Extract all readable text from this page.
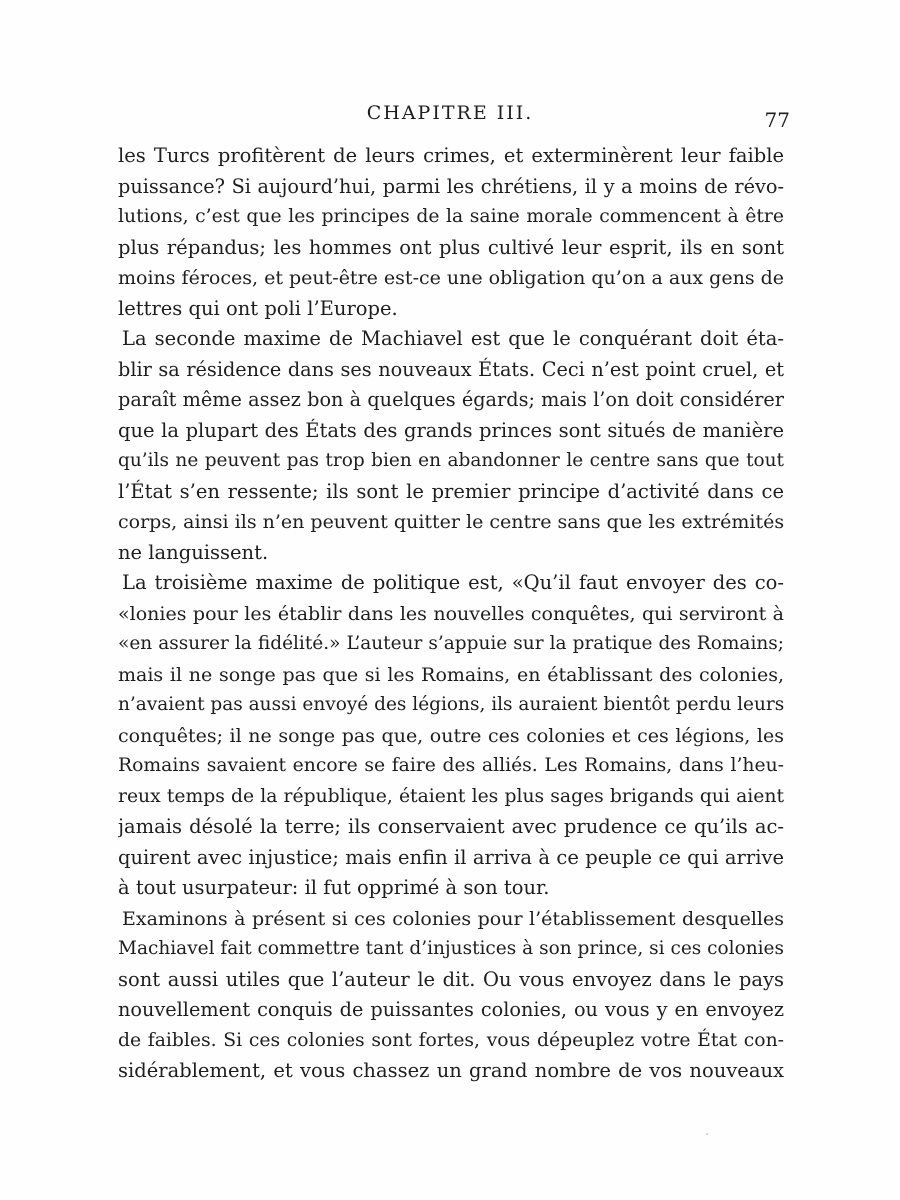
CHAPITRE III.	77
les Turcs profitèrent de leurs crimes, et exterminèrent leur faible
puissance? Si aujourd’hui, parmi les chrétiens, il y a moins de révo-
lutions, c’est que les principes de la saine morale commencent à être
plus répandus; les hommes ont plus cultivé leur esprit, ils en sont
moins féroces, et peut-être est-ce une obligation qu’on a aux gens de
lettres qui ont poli l’Europe.
La seconde maxime de Machiavel est que le conquérant doit éta-
blir sa résidence dans ses nouveaux États. Ceci n’est point cruel, et
paraît même assez bon à quelques égards; mais l’on doit considérer
que la plupart des États des grands princes sont situés de manière
qu’ils ne peuvent pas trop bien en abandonner le centre sans que tout
l’État s’en ressente; ils sont le premier principe d’activité dans ce
corps, ainsi ils n’en peuvent quitter le centre sans que les extrémités
ne languissent.
La troisième maxime de politique est, «Qu’il faut envoyer des co-
«lonies pour les établir dans les nouvelles conquêtes, qui serviront à
«en assurer la fidélité.» L’auteur s’appuie sur la pratique des Romains;
mais il ne songe pas que si les Romains, en établissant des colonies,
n’avaient pas aussi envoyé des légions, ils auraient bientôt perdu leurs
conquêtes; il ne songe pas que, outre ces colonies et ces légions, les
Romains savaient encore se faire des alliés. Les Romains, dans l’heu-
reux temps de la république, étaient les plus sages brigands qui aient
jamais désolé la terre; ils conservaient avec prudence ce qu’ils ac-
quirent avec injustice; mais enfin il arriva à ce peuple ce qui arrive
à tout usurpateur: il fut opprimé à son tour.
Examinons à présent si ces colonies pour l’établissement desquelles
Machiavel fait commettre tant d’injustices à son prince, si ces colonies
sont aussi utiles que l’auteur le dit. Ou vous envoyez dans le pays
nouvellement conquis de puissantes colonies, ou vous y en envoyez
de faibles. Si ces colonies sont fortes, vous dépeuplez votre État con-
sidérablement, et vous chassez un grand nombre de vos nouveaux
